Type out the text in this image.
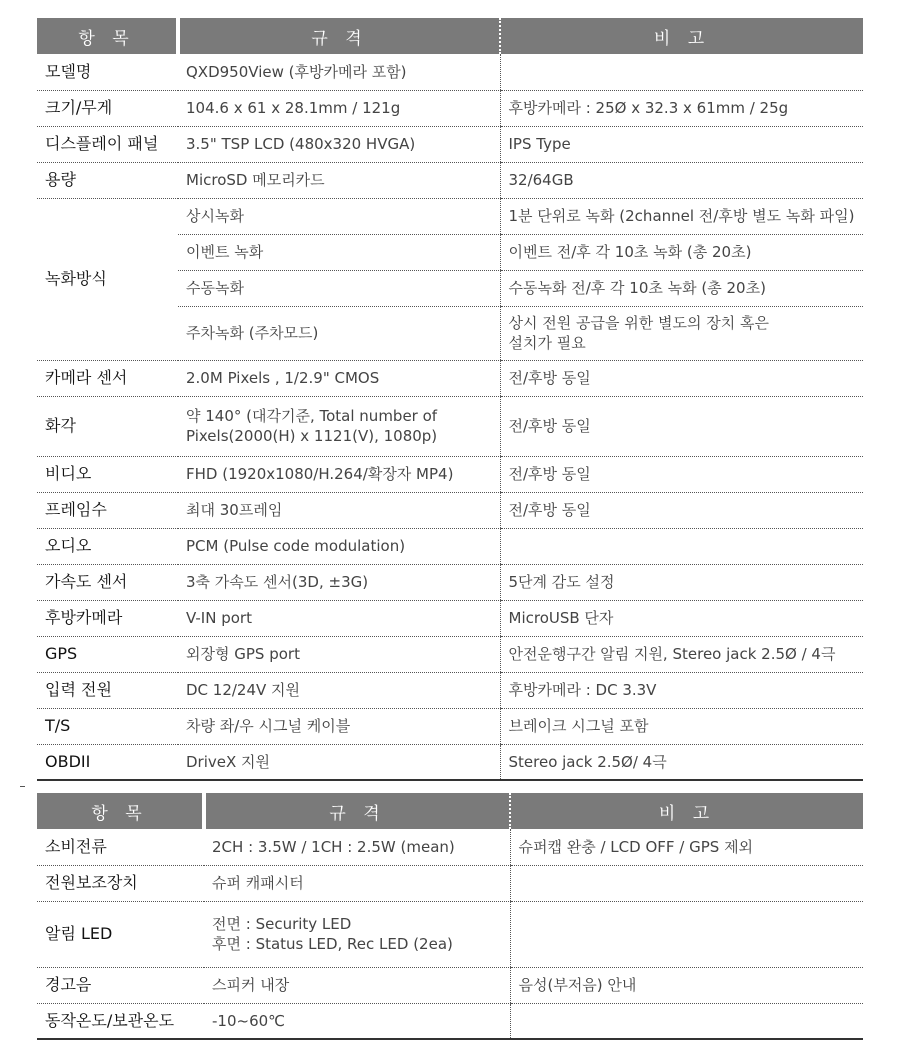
항 목	규 격	비 고
모델명	QXD950View (후방카메라 포함)	
크기/무게	104.6 x 61 x 28.1mm / 121g	후방카메라 : 25Ø x 32.3 x 61mm / 25g
디스플레이 패널	3.5" TSP LCD (480x320 HVGA)	IPS Type
용량	MicroSD 메모리카드	32/64GB
녹화방식	상시녹화	1분 단위로 녹화 (2channel 전/후방 별도 녹화 파일)
	이벤트 녹화	이벤트 전/후 각 10초 녹화 (총 20초)
	수동녹화	수동녹화 전/후 각 10초 녹화 (총 20초)
	주차녹화 (주차모드)	상시 전원 공급을 위한 별도의 장치 혹은
설치가 필요

카메라 센서	2.0M Pixels , 1/2.9" CMOS	전/후방 동일
화각	약 140° (대각기준, Total number of
Pixels(2000(H) x 1121(V), 1080p)	전/후방 동일
비디오	FHD (1920x1080/H.264/확장자 MP4)	전/후방 동일
프레임수	최대 30프레임	전/후방 동일
오디오	PCM (Pulse code modulation)	
가속도 센서	3축 가속도 센서(3D, ±3G)	5단계 감도 설정
후방카메라	V-IN port	MicroUSB 단자
GPS	외장형 GPS port	안전운행구간 알림 지원, Stereo jack 2.5Ø / 4극
입력 전원	DC 12/24V 지원	후방카메라 : DC 3.3V
T/S	차량 좌/우 시그널 케이블	브레이크 시그널 포함
OBDII	DriveX 지원	Stereo jack 2.5Ø/ 4극
항 목	규 격	비 고
소비전류	2CH : 3.5W / 1CH : 2.5W (mean)	슈퍼캡 완충 / LCD OFF / GPS 제외
전원보조장치	슈퍼 캐패시터	
알림 LED	전면 : Security LED
후면 : Status LED, Rec LED (2ea)	

경고음	스피커 내장	음성(부저음) 안내
동작온도/보관온도	-10~60℃	
